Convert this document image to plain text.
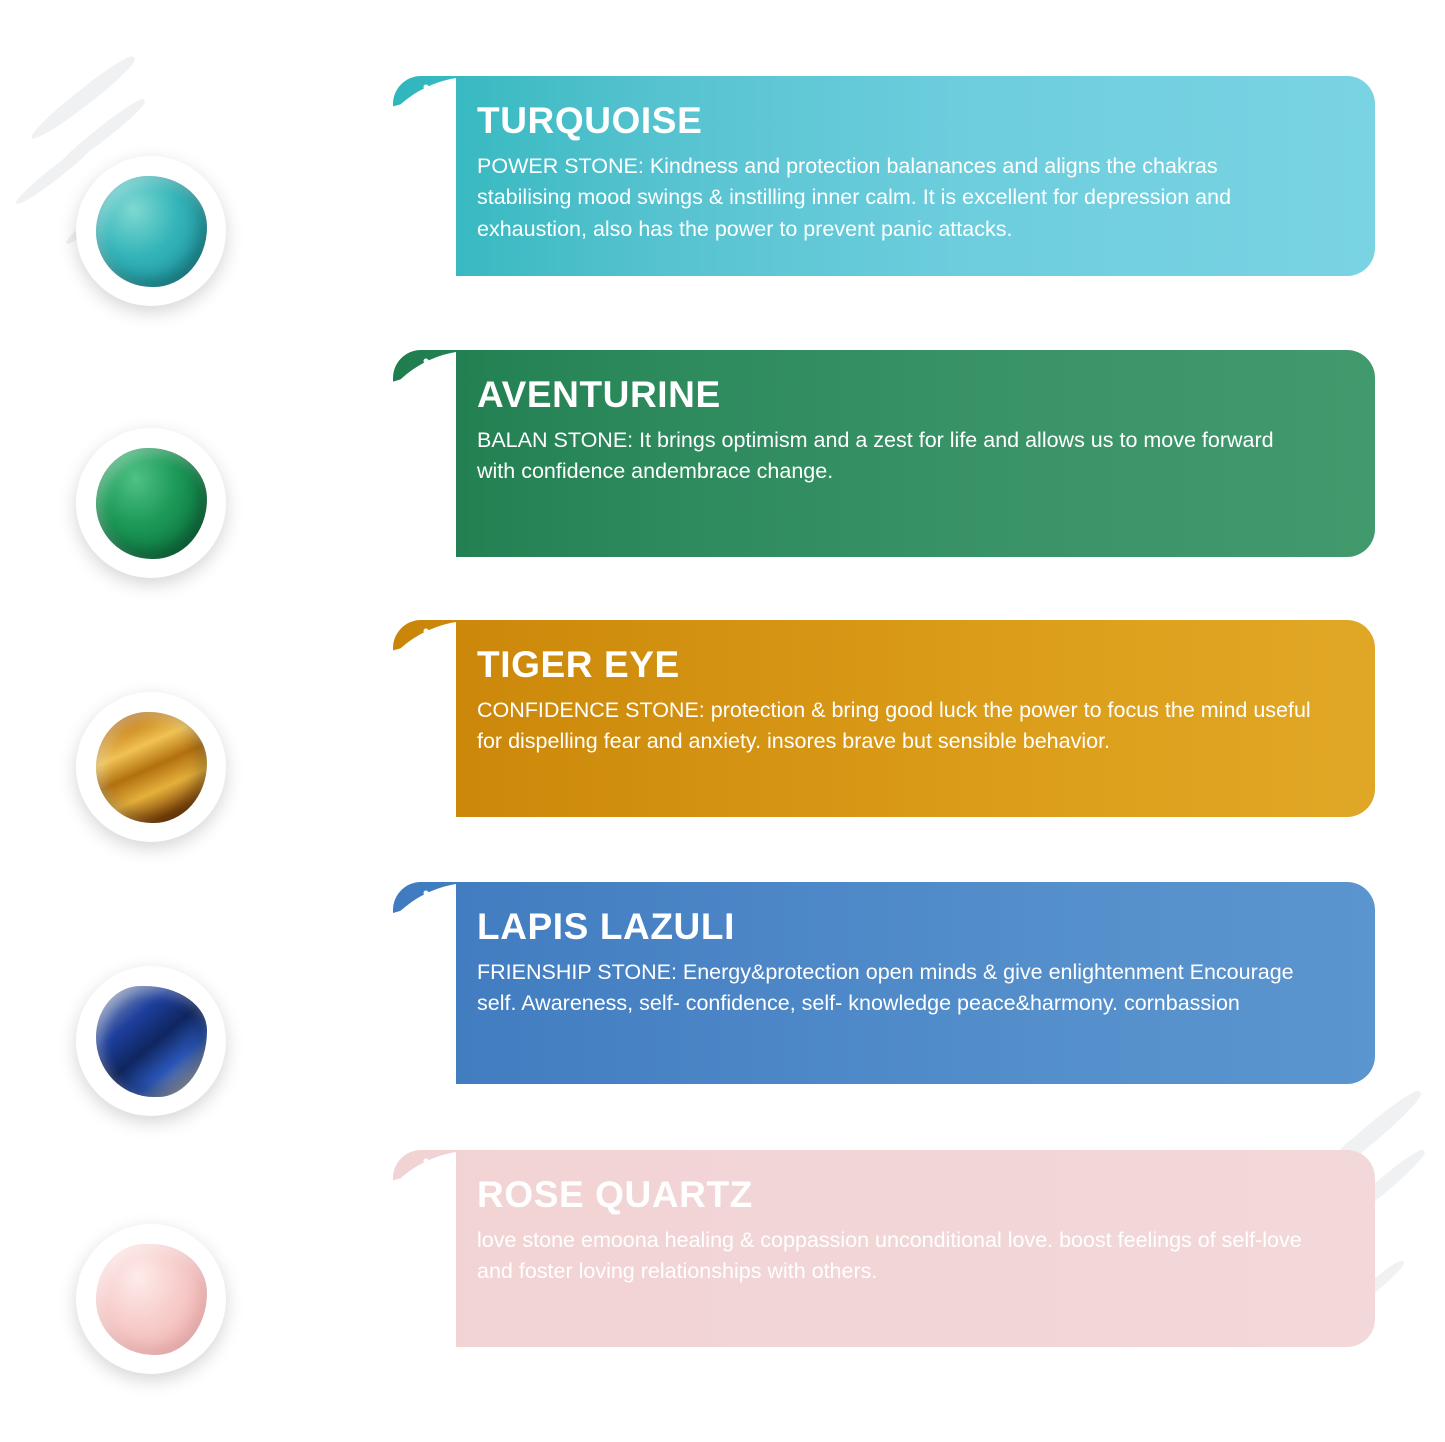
TURQUOISE

POWER STONE: Kindness and protection balanances and aligns the chakras stabilising mood swings & instilling inner calm. It is excellent for depression and exhaustion, also has the power to prevent panic attacks.

AVENTURINE

BALAN STONE: It brings optimism and a zest for life and allows us to move forward with confidence andembrace change.

TIGER EYE

CONFIDENCE STONE: protection & bring good luck the power to focus the mind useful for dispelling fear and anxiety. insores brave but sensible behavior.

LAPIS LAZULI

FRIENSHIP STONE: Energy&protection open minds & give enlightenment Encourage self. Awareness, self- confidence, self- knowledge peace&harmony. cornbassion

ROSE QUARTZ

love stone emoona healing & coppassion unconditional love. boost feelings of self-love and foster loving relationships with others.
